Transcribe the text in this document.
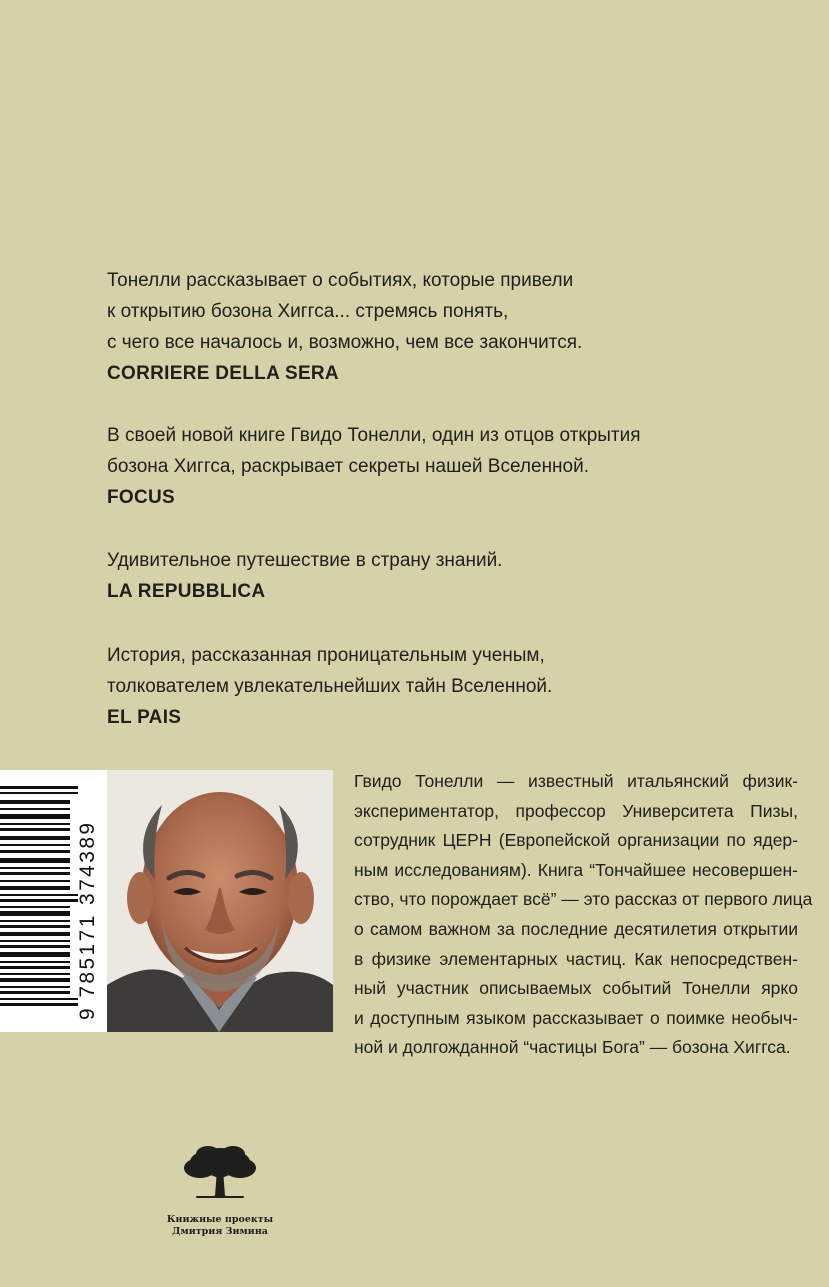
Тонелли рассказывает о событиях, которые привели
к открытию бозона Хиггса... стремясь понять,
с чего все началось и, возможно, чем все закончится.
CORRIERE DELLA SERA
В своей новой книге Гвидо Тонелли, один из отцов открытия
бозона Хиггса, раскрывает секреты нашей Вселенной.
FOCUS
Удивительное путешествие в страну знаний.
LA REPUBBLICA
История, рассказанная проницательным ученым,
толкователем увлекательнейших тайн Вселенной.
EL PAIS
9 785171 374389
Гвидо Тонелли — известный итальянский физик-
экспериментатор, профессор Университета Пизы,
сотрудник ЦЕРН (Европейской организации по ядер-
ным исследованиям). Книга “Тончайшее несовершен-
ство, что порождает всё” — это рассказ от первого лица
о самом важном за последние десятилетия открытии
в физике элементарных частиц. Как непосредствен-
ный участник описываемых событий Тонелли ярко
и доступным языком рассказывает о поимке необыч-
ной и долгожданной “частицы Бога” — бозона Хиггса.
Книжные проекты
Дмитрия Зимина
